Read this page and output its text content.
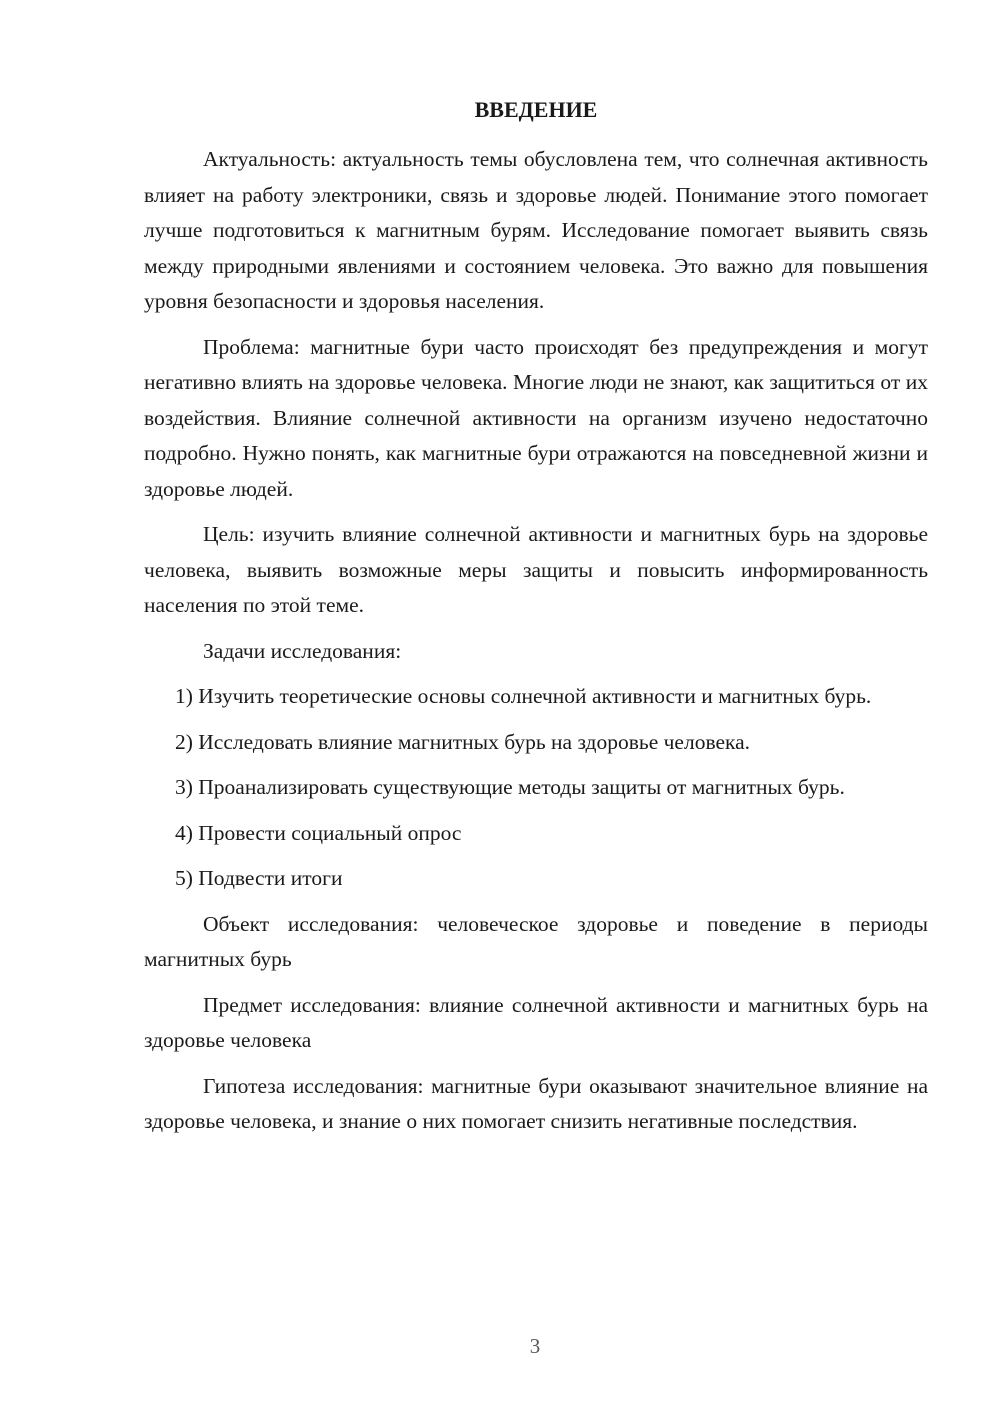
ВВЕДЕНИЕ

Актуальность: актуальность темы обусловлена тем, что солнечная активность влияет на работу электроники, связь и здоровье людей. Понимание этого помогает лучше подготовиться к магнитным бурям. Исследование помогает выявить связь между природными явлениями и состоянием человека. Это важно для повышения уровня безопасности и здоровья населения.

Проблема: магнитные бури часто происходят без предупреждения и могут негативно влиять на здоровье человека. Многие люди не знают, как защититься от их воздействия. Влияние солнечной активности на организм изучено недостаточно подробно. Нужно понять, как магнитные бури отражаются на повседневной жизни и здоровье людей.

Цель: изучить влияние солнечной активности и магнитных бурь на здоровье человека, выявить возможные меры защиты и повысить информированность населения по этой теме.

Задачи исследования:

1) Изучить теоретические основы солнечной активности и магнитных бурь.

2) Исследовать влияние магнитных бурь на здоровье человека.

3) Проанализировать существующие методы защиты от магнитных бурь.

4) Провести социальный опрос

5) Подвести итоги

Объект исследования: человеческое здоровье и поведение в периоды магнитных бурь

Предмет исследования: влияние солнечной активности и магнитных бурь на здоровье человека

Гипотеза исследования: магнитные бури оказывают значительное влияние на здоровье человека, и знание о них помогает снизить негативные последствия.

3
